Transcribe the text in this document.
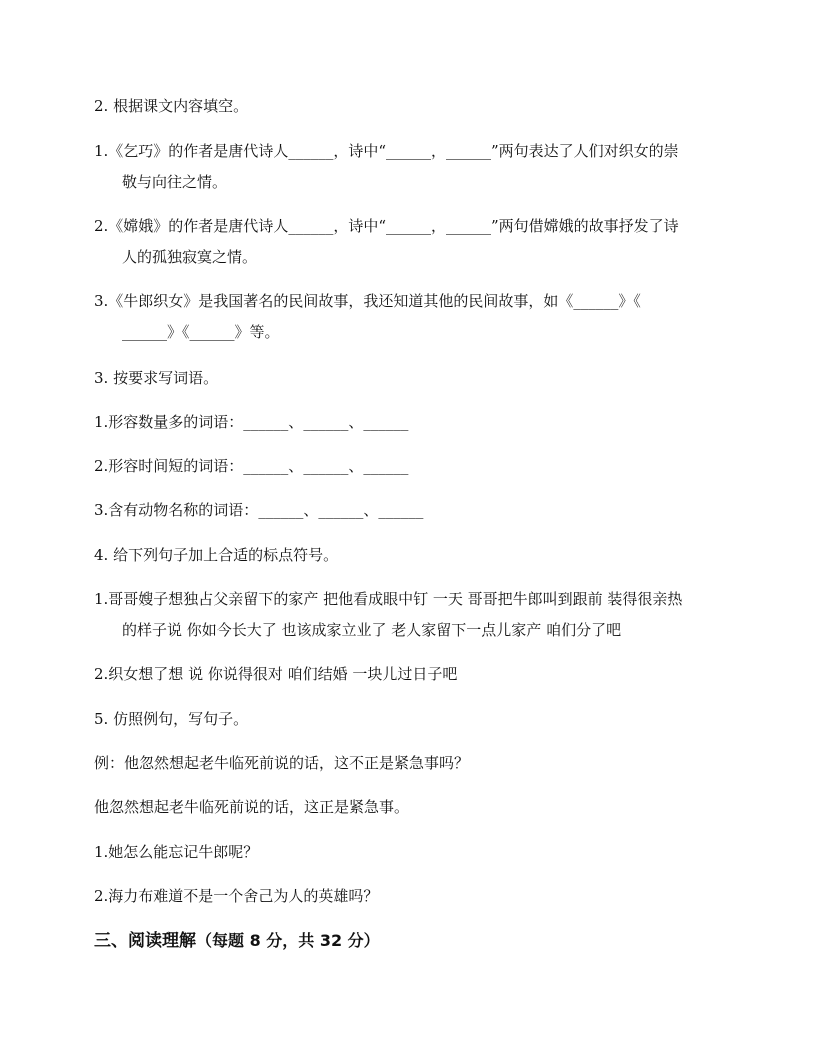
2. 根据课文内容填空。
1.《乞巧》的作者是唐代诗人______，诗中“______，______”两句表达了人们对织女的崇
敬与向往之情。
2.《嫦娥》的作者是唐代诗人______，诗中“______，______”两句借嫦娥的故事抒发了诗
人的孤独寂寞之情。
3.《牛郎织女》是我国著名的民间故事，我还知道其他的民间故事，如《______》《
______》《______》等。
3. 按要求写词语。
1.形容数量多的词语：______、______、______
2.形容时间短的词语：______、______、______
3.含有动物名称的词语：______、______、______
4. 给下列句子加上合适的标点符号。
1.哥哥嫂子想独占父亲留下的家产 把他看成眼中钉 一天 哥哥把牛郎叫到跟前 装得很亲热
的样子说 你如今长大了 也该成家立业了 老人家留下一点儿家产 咱们分了吧
2.织女想了想 说 你说得很对 咱们结婚 一块儿过日子吧
5. 仿照例句，写句子。
例：他忽然想起老牛临死前说的话，这不正是紧急事吗？
他忽然想起老牛临死前说的话，这正是紧急事。
1.她怎么能忘记牛郎呢？
2.海力布难道不是一个舍己为人的英雄吗？
三、阅读理解（每题 8 分，共 32 分）
